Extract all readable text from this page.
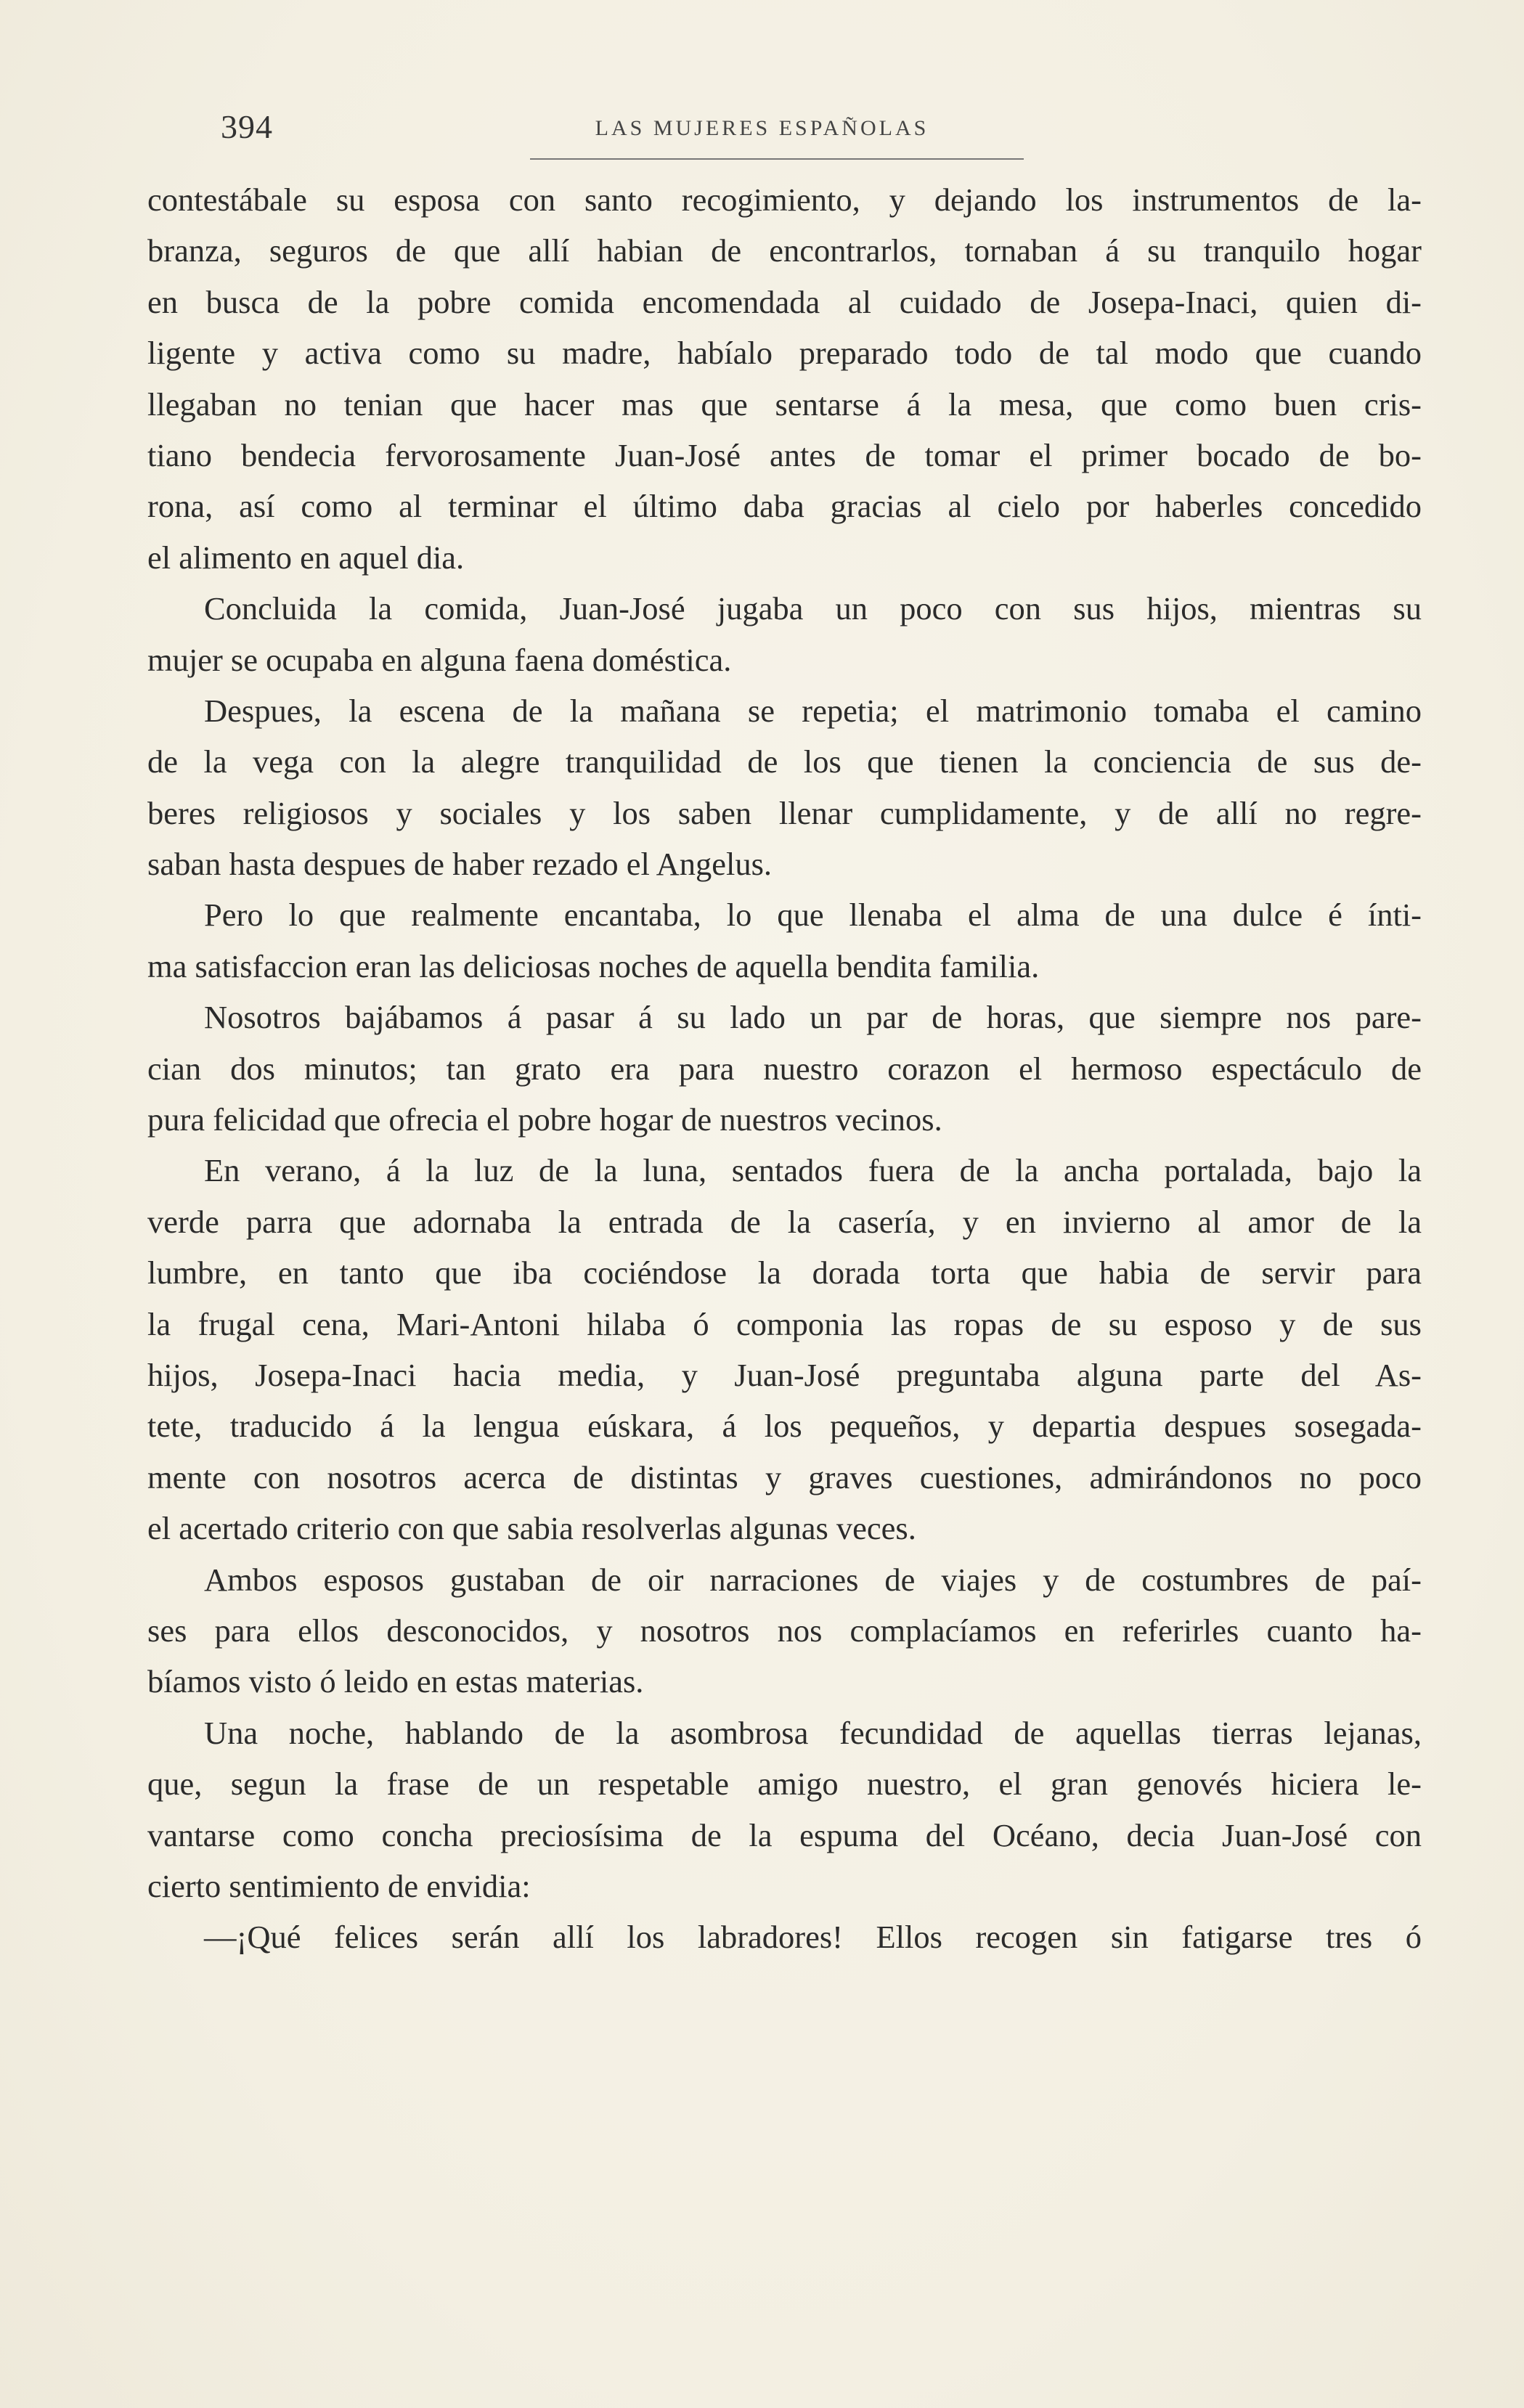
394	LAS MUJERES ESPAÑOLAS
contestábale su esposa con santo recogimiento, y dejando los instrumentos de la-
branza, seguros de que allí habian de encontrarlos, tornaban á su tranquilo hogar
en busca de la pobre comida encomendada al cuidado de Josepa-Inaci, quien di-
ligente y activa como su madre, habíalo preparado todo de tal modo que cuando
llegaban no tenian que hacer mas que sentarse á la mesa, que como buen cris-
tiano bendecia fervorosamente Juan-José antes de tomar el primer bocado de bo-
rona, así como al terminar el último daba gracias al cielo por haberles concedido
el alimento en aquel dia.
Concluida la comida, Juan-José jugaba un poco con sus hijos, mientras su
mujer se ocupaba en alguna faena doméstica.
Despues, la escena de la mañana se repetia; el matrimonio tomaba el camino
de la vega con la alegre tranquilidad de los que tienen la conciencia de sus de-
beres religiosos y sociales y los saben llenar cumplidamente, y de allí no regre-
saban hasta despues de haber rezado el Angelus.
Pero lo que realmente encantaba, lo que llenaba el alma de una dulce é ínti-
ma satisfaccion eran las deliciosas noches de aquella bendita familia.
Nosotros bajábamos á pasar á su lado un par de horas, que siempre nos pare-
cian dos minutos; tan grato era para nuestro corazon el hermoso espectáculo de
pura felicidad que ofrecia el pobre hogar de nuestros vecinos.
En verano, á la luz de la luna, sentados fuera de la ancha portalada, bajo la
verde parra que adornaba la entrada de la casería, y en invierno al amor de la
lumbre, en tanto que iba cociéndose la dorada torta que habia de servir para
la frugal cena, Mari-Antoni hilaba ó componia las ropas de su esposo y de sus
hijos, Josepa-Inaci hacia media, y Juan-José preguntaba alguna parte del As-
tete, traducido á la lengua eúskara, á los pequeños, y departia despues sosegada-
mente con nosotros acerca de distintas y graves cuestiones, admirándonos no poco
el acertado criterio con que sabia resolverlas algunas veces.
Ambos esposos gustaban de oir narraciones de viajes y de costumbres de paí-
ses para ellos desconocidos, y nosotros nos complacíamos en referirles cuanto ha-
bíamos visto ó leido en estas materias.
Una noche, hablando de la asombrosa fecundidad de aquellas tierras lejanas,
que, segun la frase de un respetable amigo nuestro, el gran genovés hiciera le-
vantarse como concha preciosísima de la espuma del Océano, decia Juan-José con
cierto sentimiento de envidia:
—¡Qué felices serán allí los labradores! Ellos recogen sin fatigarse tres ó
